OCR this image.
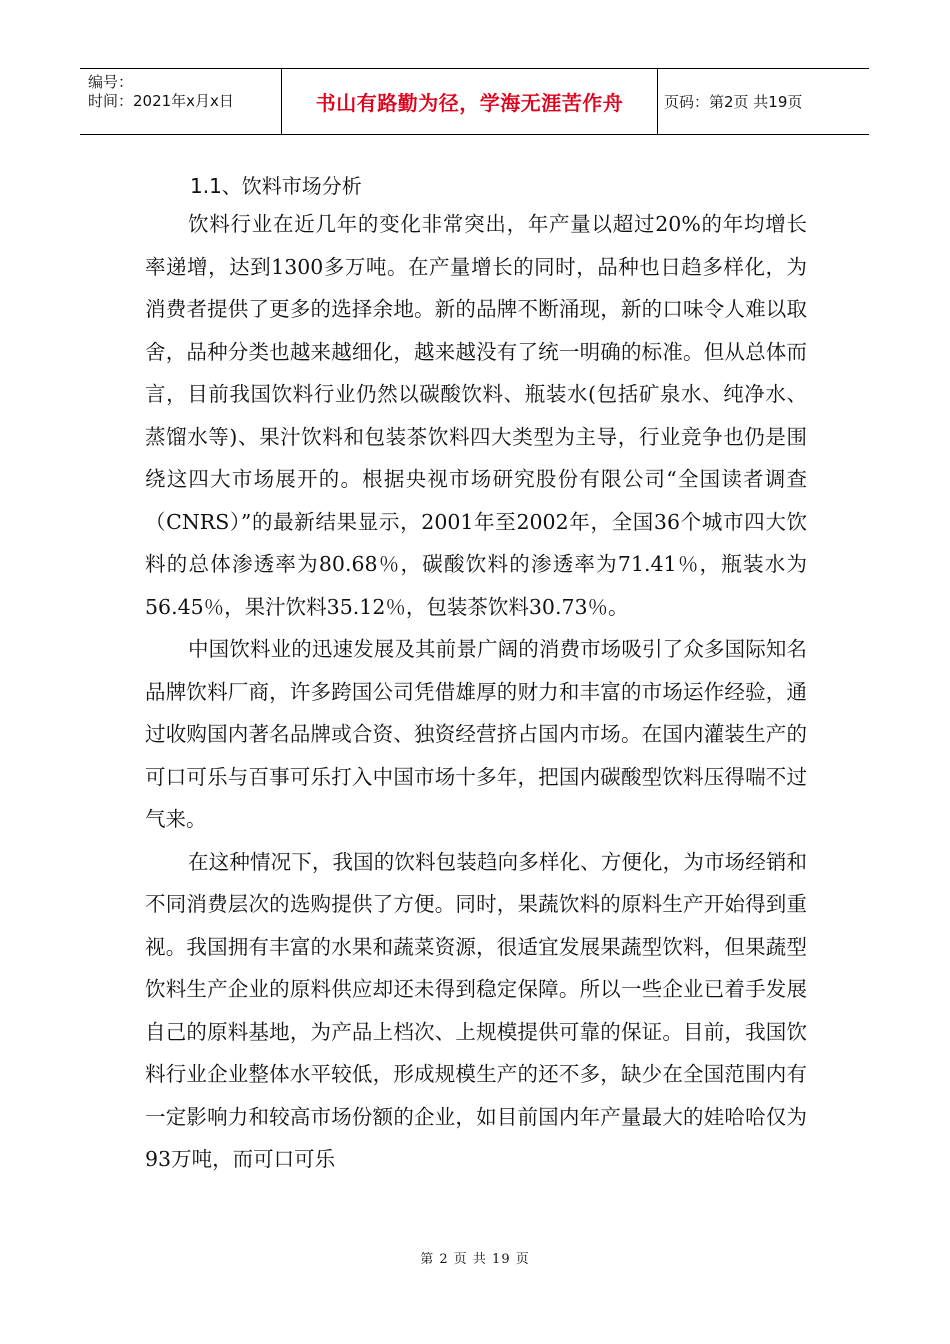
编号：
时间：2021年x月x日	书山有路勤为径，学海无涯苦作舟	页码：第2页 共19页
1.1、饮料市场分析

饮料行业在近几年的变化非常突出，年产量以超过20%的年均增长率递增，达到1300多万吨。在产量增长的同时，品种也日趋多样化，为消费者提供了更多的选择余地。新的品牌不断涌现，新的口味令人难以取舍，品种分类也越来越细化，越来越没有了统一明确的标准。但从总体而言，目前我国饮料行业仍然以碳酸饮料、瓶装水(包括矿泉水、纯净水、蒸馏水等)、果汁饮料和包装茶饮料四大类型为主导，行业竞争也仍是围绕这四大市场展开的。根据央视市场研究股份有限公司“全国读者调查（CNRS）”的最新结果显示，2001年至2002年，全国36个城市四大饮料的总体渗透率为80.68％，碳酸饮料的渗透率为71.41％，瓶装水为56.45％，果汁饮料35.12％，包装茶饮料30.73％。

中国饮料业的迅速发展及其前景广阔的消费市场吸引了众多国际知名品牌饮料厂商，许多跨国公司凭借雄厚的财力和丰富的市场运作经验，通过收购国内著名品牌或合资、独资经营挤占国内市场。在国内灌装生产的可口可乐与百事可乐打入中国市场十多年，把国内碳酸型饮料压得喘不过气来。

在这种情况下，我国的饮料包装趋向多样化、方便化，为市场经销和不同消费层次的选购提供了方便。同时，果蔬饮料的原料生产开始得到重视。我国拥有丰富的水果和蔬菜资源，很适宜发展果蔬型饮料，但果蔬型饮料生产企业的原料供应却还未得到稳定保障。所以一些企业已着手发展自己的原料基地，为产品上档次、上规模提供可靠的保证。目前，我国饮料行业企业整体水平较低，形成规模生产的还不多，缺少在全国范围内有一定影响力和较高市场份额的企业，如目前国内年产量最大的娃哈哈仅为93万吨，而可口可乐

第 2 页 共 19 页
